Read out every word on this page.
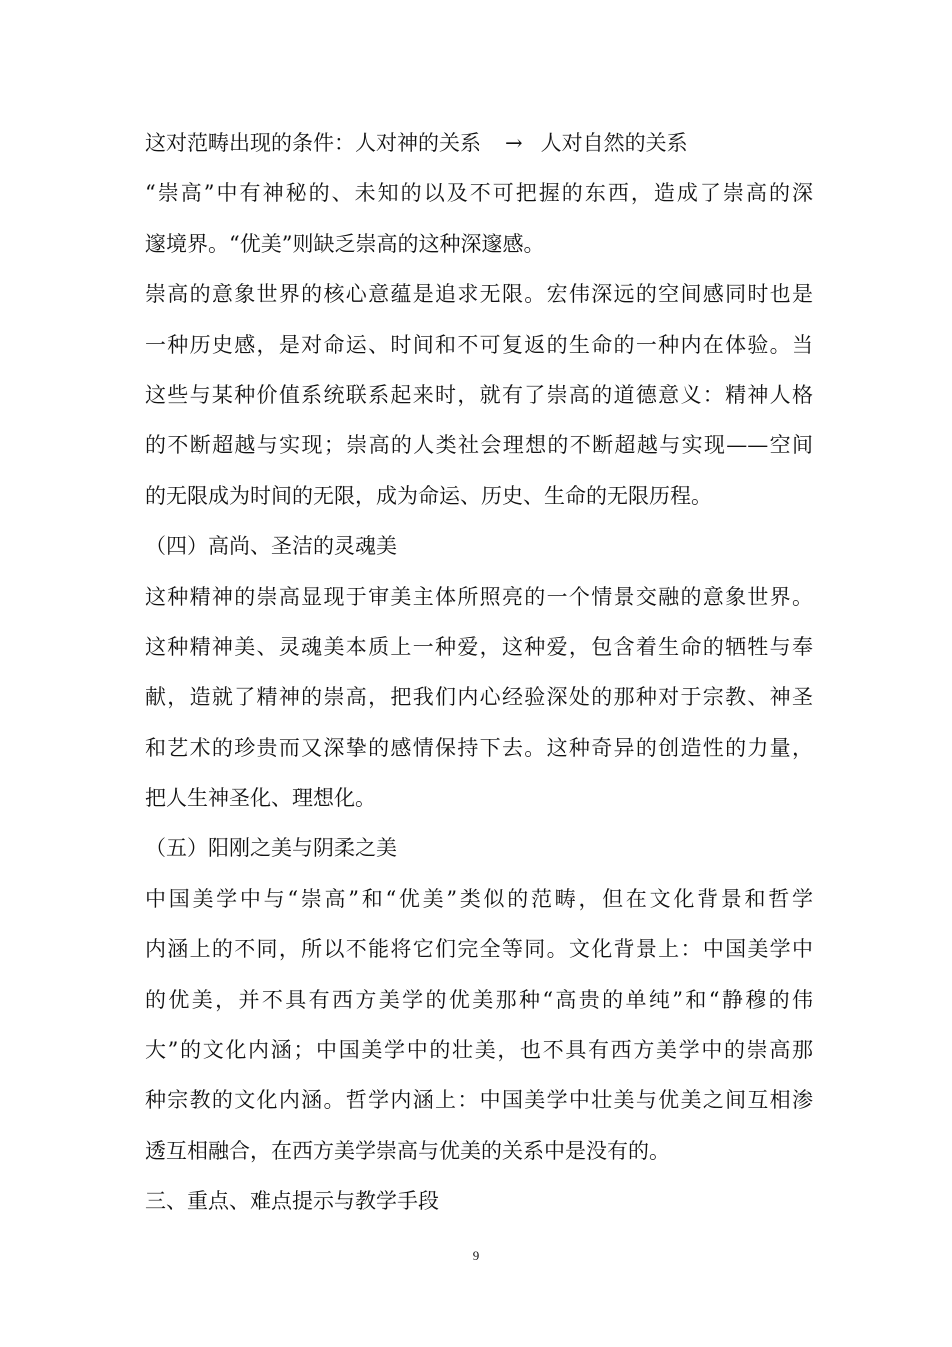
这对范畴出现的条件：人对神的关系 → 人对自然的关系
“崇高”中有神秘的、未知的以及不可把握的东西，造成了崇高的深
邃境界。“优美”则缺乏崇高的这种深邃感。
崇高的意象世界的核心意蕴是追求无限。宏伟深远的空间感同时也是
一种历史感，是对命运、时间和不可复返的生命的一种内在体验。当
这些与某种价值系统联系起来时，就有了崇高的道德意义：精神人格
的不断超越与实现；崇高的人类社会理想的不断超越与实现——空间
的无限成为时间的无限，成为命运、历史、生命的无限历程。
（四）高尚、圣洁的灵魂美
这种精神的崇高显现于审美主体所照亮的一个情景交融的意象世界。
这种精神美、灵魂美本质上一种爱，这种爱，包含着生命的牺牲与奉
献，造就了精神的崇高，把我们内心经验深处的那种对于宗教、神圣
和艺术的珍贵而又深挚的感情保持下去。这种奇异的创造性的力量，
把人生神圣化、理想化。
（五）阳刚之美与阴柔之美
中国美学中与“崇高”和“优美”类似的范畴，但在文化背景和哲学
内涵上的不同，所以不能将它们完全等同。文化背景上：中国美学中
的优美，并不具有西方美学的优美那种“高贵的单纯”和“静穆的伟
大”的文化内涵；中国美学中的壮美，也不具有西方美学中的崇高那
种宗教的文化内涵。哲学内涵上：中国美学中壮美与优美之间互相渗
透互相融合，在西方美学崇高与优美的关系中是没有的。
三、重点、难点提示与教学手段
9
